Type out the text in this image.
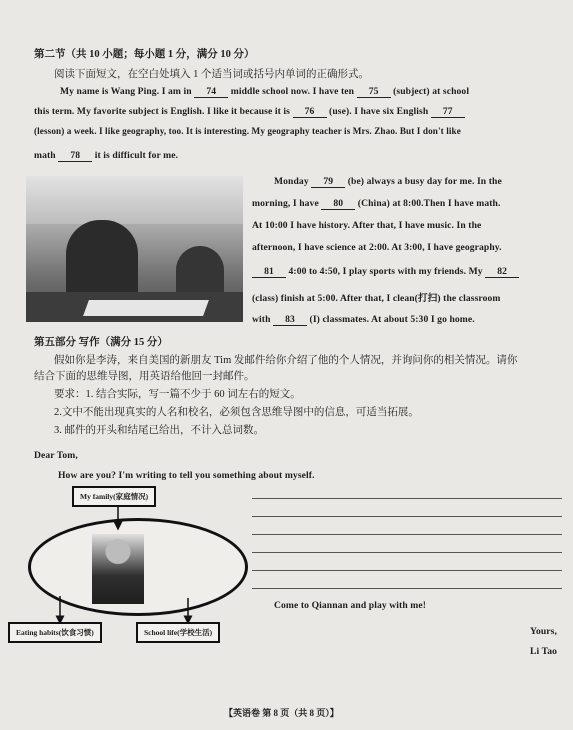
第二节（共 10 小题；每小题 1 分，满分 10 分）
阅读下面短文，在空白处填入 1 个适当词或括号内单词的正确形式。
My name is Wang Ping. I am in 74 middle school now. I have ten 75 (subject) at school
this term. My favorite subject is English. I like it because it is 76 (use). I have six English 77
(lesson) a week. I like geography, too. It is interesting. My geography teacher is Mrs. Zhao. But I don't like
math 78 it is difficult for me.
Monday 79 (be) always a busy day for me. In the
morning, I have 80 (China) at 8:00.Then I have math.
At 10:00 I have history. After that, I have music. In the
afternoon, I have science at 2:00. At 3:00, I have geography.
81 4:00 to 4:50, I play sports with my friends. My 82
(class) finish at 5:00. After that, I clean(打扫) the classroom
with 83 (I) classmates. At about 5:30 I go home.
第五部分 写作（满分 15 分）
假如你是李涛，来自美国的新朋友 Tim 发邮件给你介绍了他的个人情况，并询问你的相关情况。请你
结合下面的思维导图，用英语给他回一封邮件。
要求：1. 结合实际，写一篇不少于 60 词左右的短文。
2.文中不能出现真实的人名和校名，必须包含思维导图中的信息，可适当拓展。
3. 邮件的开头和结尾已给出，不计入总词数。
Dear Tom,
How are you? I'm writing to tell you something about myself.
My family(家庭情况)
Eating habits(饮食习惯)	School life(学校生活)
Come to Qiannan and play with me!
Yours,
Li Tao
【英语卷 第 8 页（共 8 页）】
